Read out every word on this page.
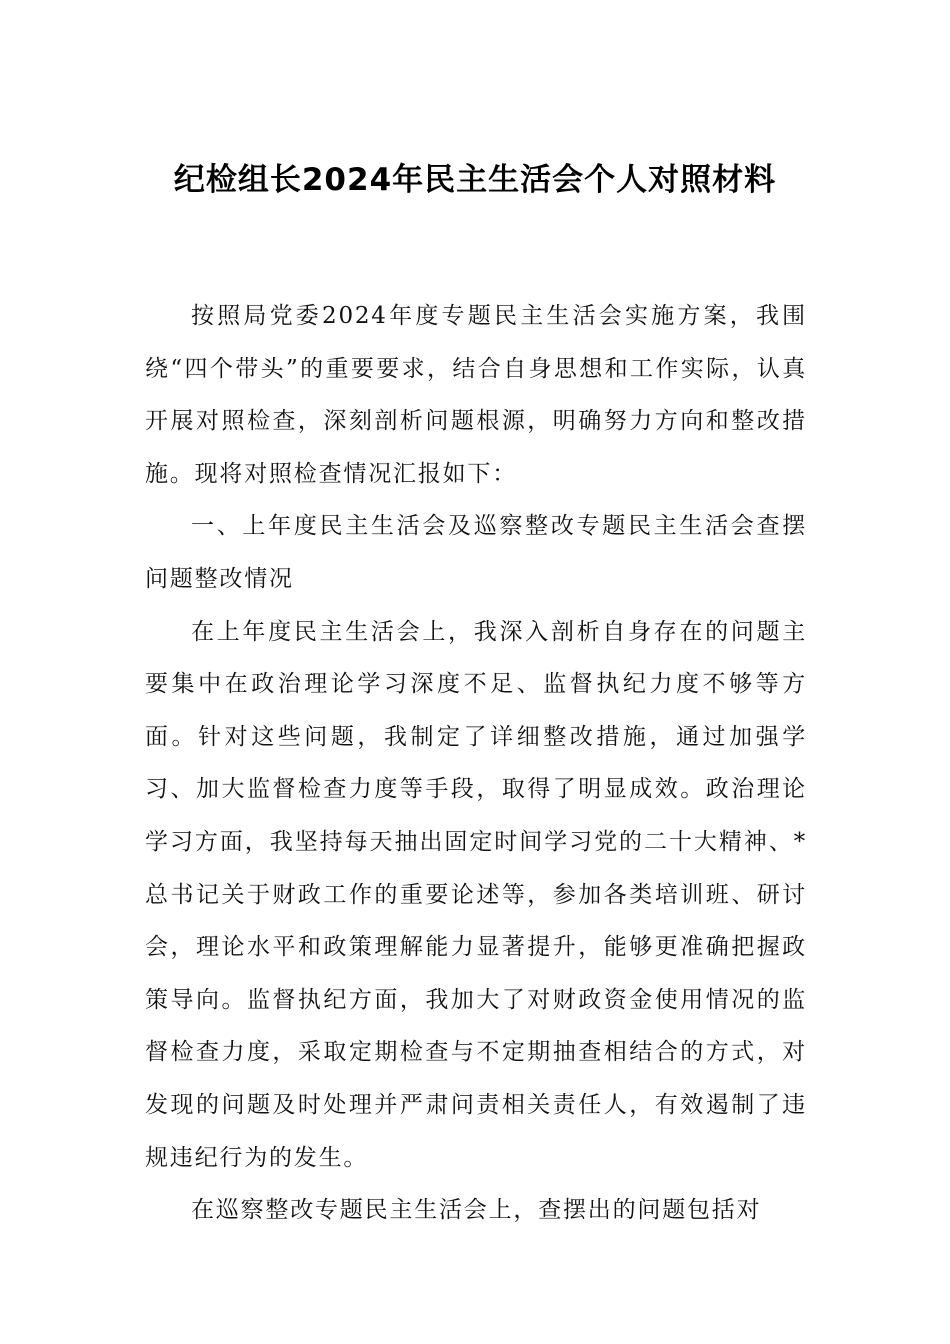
纪检组长2024年民主生活会个人对照材料

按照局党委2024年度专题民主生活会实施方案，我围绕“四个带头”的重要要求，结合自身思想和工作实际，认真开展对照检查，深刻剖析问题根源，明确努力方向和整改措施。现将对照检查情况汇报如下：

一、上年度民主生活会及巡察整改专题民主生活会查摆问题整改情况

在上年度民主生活会上，我深入剖析自身存在的问题主要集中在政治理论学习深度不足、监督执纪力度不够等方面。针对这些问题，我制定了详细整改措施，通过加强学习、加大监督检查力度等手段，取得了明显成效。政治理论学习方面，我坚持每天抽出固定时间学习党的二十大精神、*总书记关于财政工作的重要论述等，参加各类培训班、研讨会，理论水平和政策理解能力显著提升，能够更准确把握政策导向。监督执纪方面，我加大了对财政资金使用情况的监督检查力度，采取定期检查与不定期抽查相结合的方式，对发现的问题及时处理并严肃问责相关责任人，有效遏制了违规违纪行为的发生。

在巡察整改专题民主生活会上，查摆出的问题包括对
